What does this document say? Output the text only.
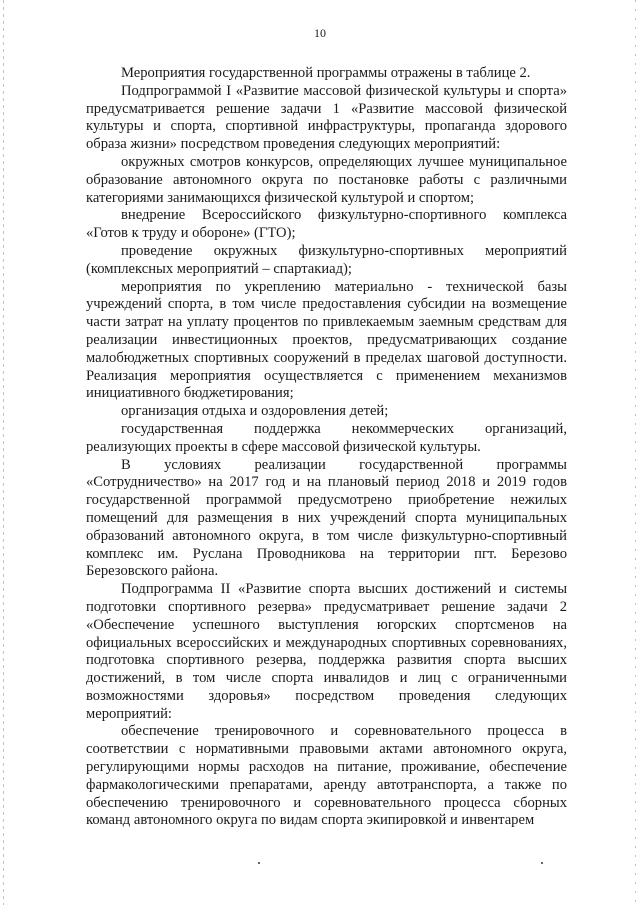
10

Мероприятия государственной программы отражены в таблице 2.

Подпрограммой I «Развитие массовой физической культуры и спорта» предусматривается решение задачи 1 «Развитие массовой физической культуры и спорта, спортивной инфраструктуры, пропаганда здорового образа жизни» посредством проведения следующих мероприятий:

окружных смотров конкурсов, определяющих лучшее муниципальное образование автономного округа по постановке работы с различными категориями занимающихся физической культурой и спортом;

внедрение Всероссийского физкультурно-спортивного комплекса «Готов к труду и обороне» (ГТО);

проведение окружных физкультурно-спортивных мероприятий (комплексных мероприятий – спартакиад);

мероприятия по укреплению материально - технической базы учреждений спорта, в том числе предоставления субсидии на возмещение части затрат на уплату процентов по привлекаемым заемным средствам для реализации инвестиционных проектов, предусматривающих создание малобюджетных спортивных сооружений в пределах шаговой доступности. Реализация мероприятия осуществляется с применением механизмов инициативного бюджетирования;

организация отдыха и оздоровления детей;

государственная поддержка некоммерческих организаций, реализующих проекты в сфере массовой физической культуры.

В условиях реализации государственной программы «Сотрудничество» на 2017 год и на плановый период 2018 и 2019 годов государственной программой предусмотрено приобретение нежилых помещений для размещения в них учреждений спорта муниципальных образований автономного округа, в том числе физкультурно-спортивный комплекс им. Руслана Проводникова на территории пгт. Березово Березовского района.

Подпрограмма II «Развитие спорта высших достижений и системы подготовки спортивного резерва» предусматривает решение задачи 2 «Обеспечение успешного выступления югорских спортсменов на официальных всероссийских и международных спортивных соревнованиях, подготовка спортивного резерва, поддержка развития спорта высших достижений, в том числе спорта инвалидов и лиц с ограниченными возможностями здоровья» посредством проведения следующих мероприятий:

обеспечение тренировочного и соревновательного процесса в соответствии с нормативными правовыми актами автономного округа, регулирующими нормы расходов на питание, проживание, обеспечение фармакологическими препаратами, аренду автотранспорта, а также по обеспечению тренировочного и соревновательного процесса сборных команд автономного округа по видам спорта экипировкой и инвентарем
